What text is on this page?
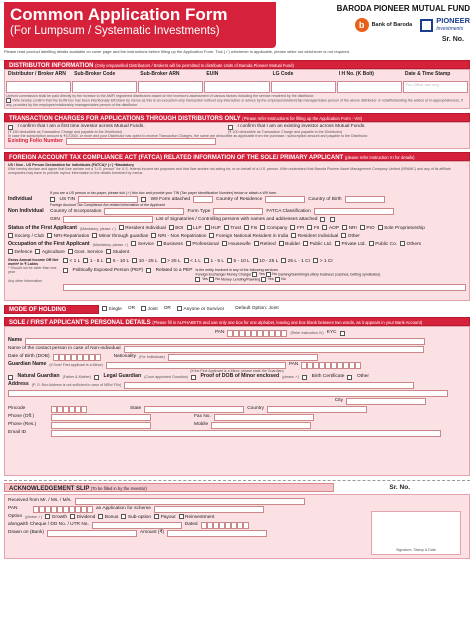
Common Application Form
(For Lumpsum / Systematic Investments)
BARODA PIONEER MUTUAL FUND
b	Bank of Baroda	PIONEER
Investments
Sr. No.
Please read product labelling details available on cover page and the instructions before filling up the Application Form. Tick (✓) whichever is applicable, please strike out whichever is not required.
DISTRIBUTOR INFORMATION (Only empanelled Distributors / Brokers will be permitted to distribute Units of Baroda Pioneer Mutual Fund)
Distributor / Broker ARN	Sub-Broker Code	Sub-Broker ARN	EUIN	LG Code	I H No. (K Bolt)	Date & Time Stamp
For Office use only
Upfront commission shall be paid directly by the investor to the AMFI registered distributors based on the investor's assessment of various factors including the service rendered by the distributor.
I/We hereby confirm that the EUIN box has been intentionally left blank by me/us as this is an execution-only transaction without any interaction or advice by the employee/relationship manager/sales person of the above distributor or notwithstanding the advice of in-appropriateness, if any, provided by the employee/relationship manager/sales person of the distributor.
TRANSACTION CHARGES FOR APPLICATIONS THROUGH DISTRIBUTORS ONLY (Please refer Instructions for filling up the Application Form - VIII)
I confirm that I am a first time investor across Mutual Funds.
(₹ 150 deductible as Transaction Charge and payable to the Distributor)
I confirm that I am an existing investor across Mutual Funds.
(₹ 100 deductible as Transaction Charge and payable to the Distributor)
In case the subscription amount is ₹10,000/- or more and your Distributor has opted to receive Transaction Charges, the same are deductible as applicable from the purchase / subscription amount and payable to the Distributor.
Existing Folio Number
FOREIGN ACCOUNT TAX COMPLIANCE ACT (FATCA) RELATED INFORMATION OF THE SOLE/ PRIMARY APPLICANT (please refer instruction XI for details)
US / Non - US Person Declaration for individuals (FATCA)* (✓) *Mandatory
I/We hereby declare and agree that I/we am/are not a "U.S. person" for U.S. federal income tax purposes and that I/we am/are not acting for, or on behalf of a U.S. person. I/We understand that Baroda Pioneer Asset Management Company Limited (BPAMC) and any of its affiliate companies may have to provide my/our information to the details furnished by me/us.
Individual
If you are a US person or tax-payer, please tick (✓) this box and provide your TIN (Tax payer Identification Number) below or attach a W9 form.
US TIN	W9 Form attached	Country of Residence	Country of Birth
Non Individual
Foreign Account Tax Compliance Act related information of the Applicant
Country of Incorporation	Form Type	FATCA Classification
GIIN	List of Signatories / Controlling persons with names and addresses attached
Status of the First Applicant (Mandatory, please ✓)	Resident Individual	BOI	LLP	HUF	Trust	FIs	Company	FPI	FII	AOP	NRI	PIO	Sole Proprietorship
Society / Club	NRI-Repatriation	Minor through guardian	NRI - Non Repatriation	Foreign National Resident in India	Resident Individual	Other
Occupation of the First Applicant (Mandatory, please ✓)	Service	Business	Professional	Housewife	Retired	Builder	Public Ltd.	Private Ltd.	Public Co.	Others
Defence	Agriculture	Govt. Service	Student
Gross Annual Income OR Net worth* in ₹ Lakhs
* Should not be older than one year

Any other information
< 1 L	1 - 5 L	5 - 10 L	10 - 25 L	> 25 L	< 1 L	1 - 5 L	5 - 10 L	10 - 25 L	25 L - 1 Cr	> 1 Cr
Politically Exposed Person (PEP)	Related to a PEP Is the entity involved in any of the following services
Foreign Exchange/ Money Charger Yes No Gaming/Gambling/Lottery business (casinos, betting syndicates) Yes No Money Lending/Pawning Yes No
MODE OF HOLDING	Single OR	Joint OR	Anyone or Survivor Default Option: Joint
SOLE / FIRST APPLICANT'S PERSONAL DETAILS (Please fill in ALPHABETS and use only one box for one alphabet, leaving one box blank between two words, as it appears in your Bank Account)
PAN	(Refer Instruction IV) KYC
Name
Name of the contact person in case of Non-individual
Date of Birth (DOB)	Nationality (For Individuals)
Guardian Name (If Sole/ First applicant is a Minor)	PAN
(If the First Applicant is a Minor, please state the Guardian)
Natural Guardian (Father & Mother) Legal Guardian (Court appointed Guardian) Proof of DOB of Minor enclosed (please ✓)	Birth Certificate	Other
Address (P. O. Box Address is not sufficient in case of NRIs/ FIIs)
City
Pincode	State	Country
Phone (Off.)	Fax No.
Phone (Res.)	Mobile
Email ID
ACKNOWLEDGEMENT SLIP (To be filled in by the Investor)	Sr. No.
Received from Mr. / Ms. / M/s.
PAN	an Application for scheme
Option (please ✓)	Growth	Dividend	Bonus	Sub-option	Payout	Reinvestment
alongwith Cheque / DD No. / UTR No.	Dated
Drawn on (Bank)	Amount (₹)
Signature, Stamp & Date
